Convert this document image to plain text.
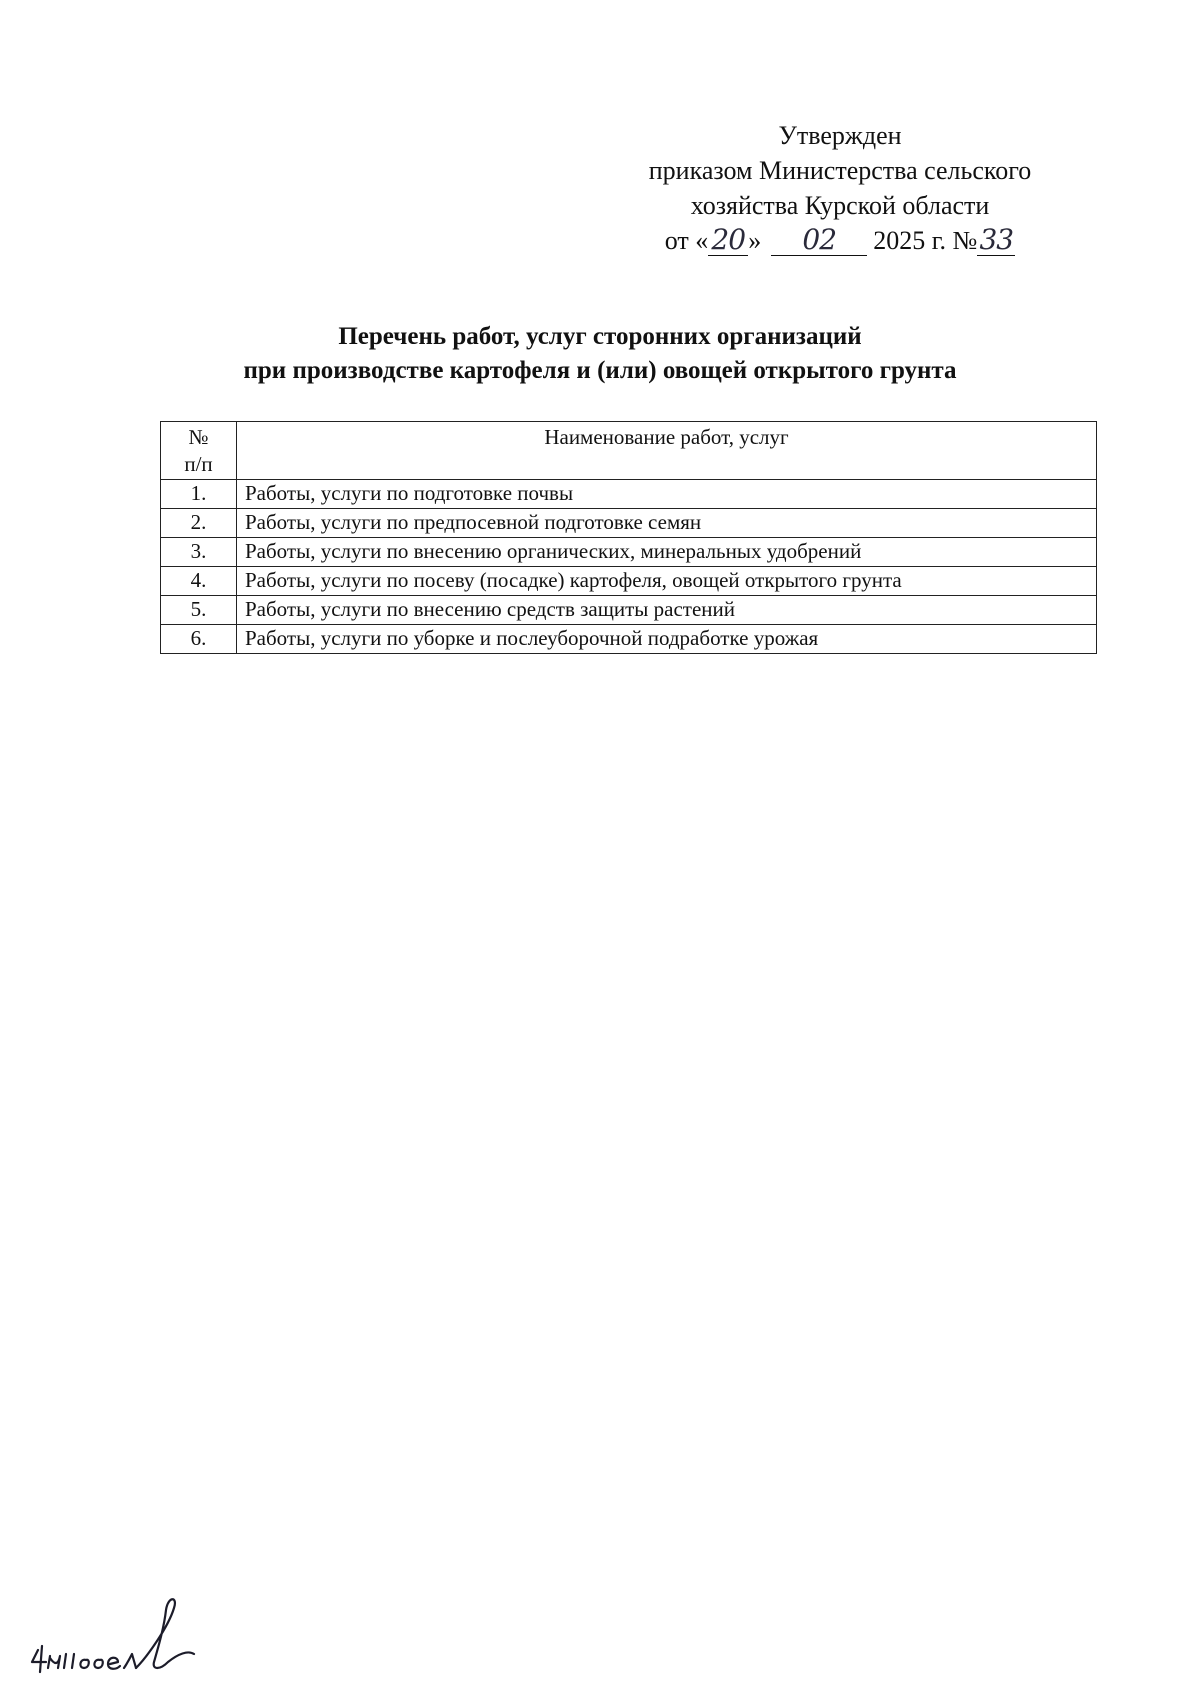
Утвержден
приказом Министерства сельского
хозяйства Курской области
от « 20 » 02 2025 г. №33
Перечень работ, услуг сторонних организаций
при производстве картофеля и (или) овощей открытого грунта
№
п/п	Наименование работ, услуг
1.	Работы, услуги по подготовке почвы
2.	Работы, услуги по предпосевной подготовке семян
3.	Работы, услуги по внесению органических, минеральных удобрений
4.	Работы, услуги по посеву (посадке) картофеля, овощей открытого грунта
5.	Работы, услуги по внесению средств защиты растений
6.	Работы, услуги по уборке и послеуборочной подработке урожая
